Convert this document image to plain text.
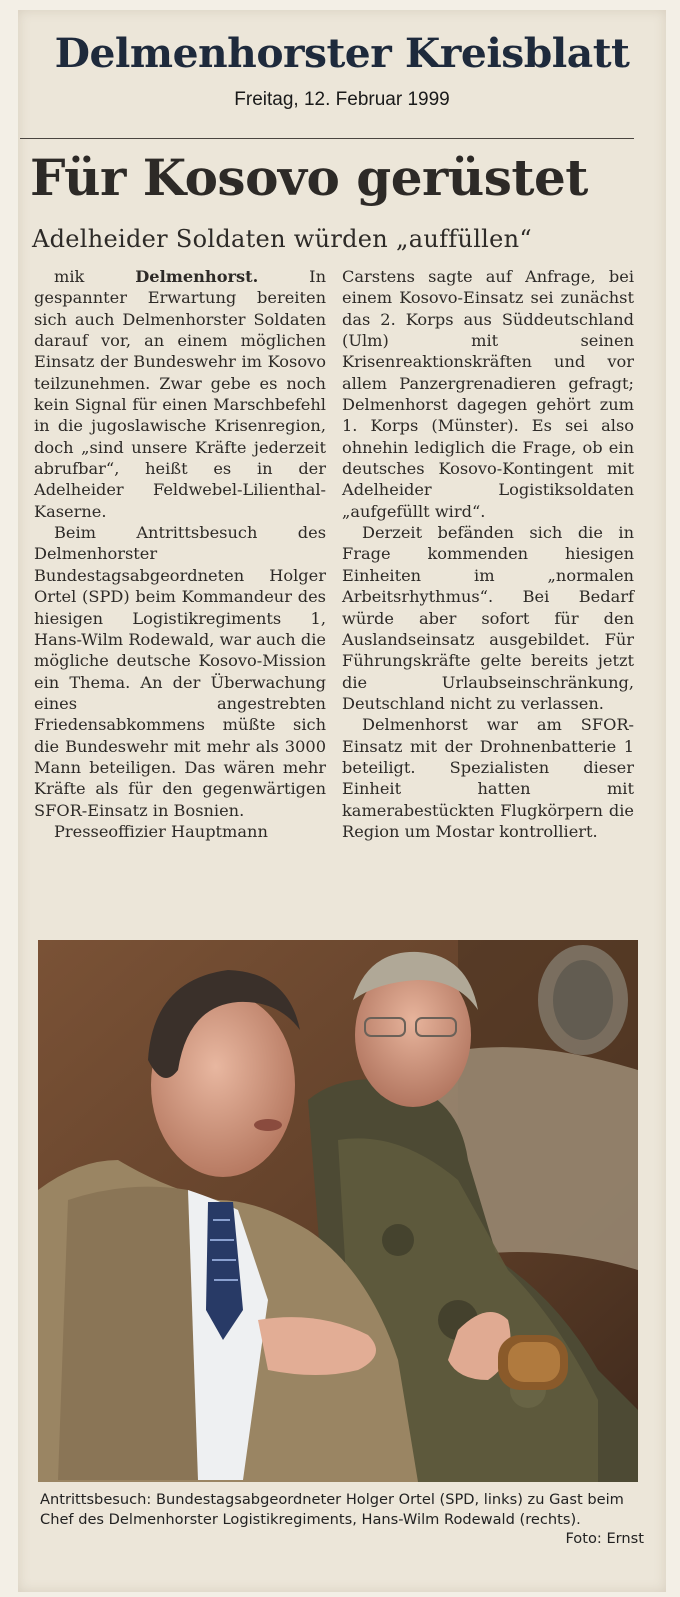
Delmenhorster Kreisblatt
Freitag, 12. Februar 1999
Für Kosovo gerüstet
Adelheider Soldaten würden „auffüllen“

mik	Delmenhorst.	In gespannter Erwartung bereiten sich auch Delmenhorster Soldaten darauf vor, an einem möglichen Einsatz der Bundeswehr im Kosovo teilzunehmen. Zwar gebe es noch kein Signal für einen Marschbefehl in die jugoslawische Krisenregion, doch „sind unsere Kräfte jederzeit abrufbar“, heißt es in der Adelheider Feldwebel-Lilienthal-Kaserne.

Beim Antrittsbesuch des Delmenhorster Bundestagsabgeordneten Holger Ortel (SPD) beim Kommandeur des hiesigen Logistikregiments 1, Hans-Wilm Rodewald, war auch die mögliche deutsche Kosovo-Mission ein Thema. An der Überwachung eines angestrebten Friedensabkommens müßte sich die Bundeswehr mit mehr als 3000 Mann beteiligen. Das wären mehr Kräfte als für den gegenwärtigen SFOR-Einsatz in Bosnien.

Presseoffizier Hauptmann

Carstens sagte auf Anfrage, bei einem Kosovo-Einsatz sei zunächst das 2. Korps aus Süddeutschland (Ulm) mit seinen Krisenreaktionskräften und vor allem Panzergrenadieren gefragt; Delmenhorst dagegen gehört zum 1. Korps (Münster). Es sei also ohnehin lediglich die Frage, ob ein deutsches Kosovo-Kontingent mit Adelheider Logistiksoldaten „aufgefüllt wird“.

Derzeit befänden sich die in Frage kommenden hiesigen Einheiten im „normalen Arbeitsrhythmus“. Bei Bedarf würde aber sofort für den Auslandseinsatz ausgebildet. Für Führungskräfte gelte bereits jetzt die Urlaubseinschränkung, Deutschland nicht zu verlassen.

Delmenhorst war am SFOR-Einsatz mit der Drohnenbatterie 1 beteiligt. Spezialisten dieser Einheit hatten mit kamerabestückten Flugkörpern die Region um Mostar kontrolliert.

Antrittsbesuch: Bundestagsabgeordneter Holger Ortel (SPD, links) zu Gast beim Chef des Delmenhorster Logistikregiments, Hans-Wilm Rodewald (rechts).
Foto: Ernst
